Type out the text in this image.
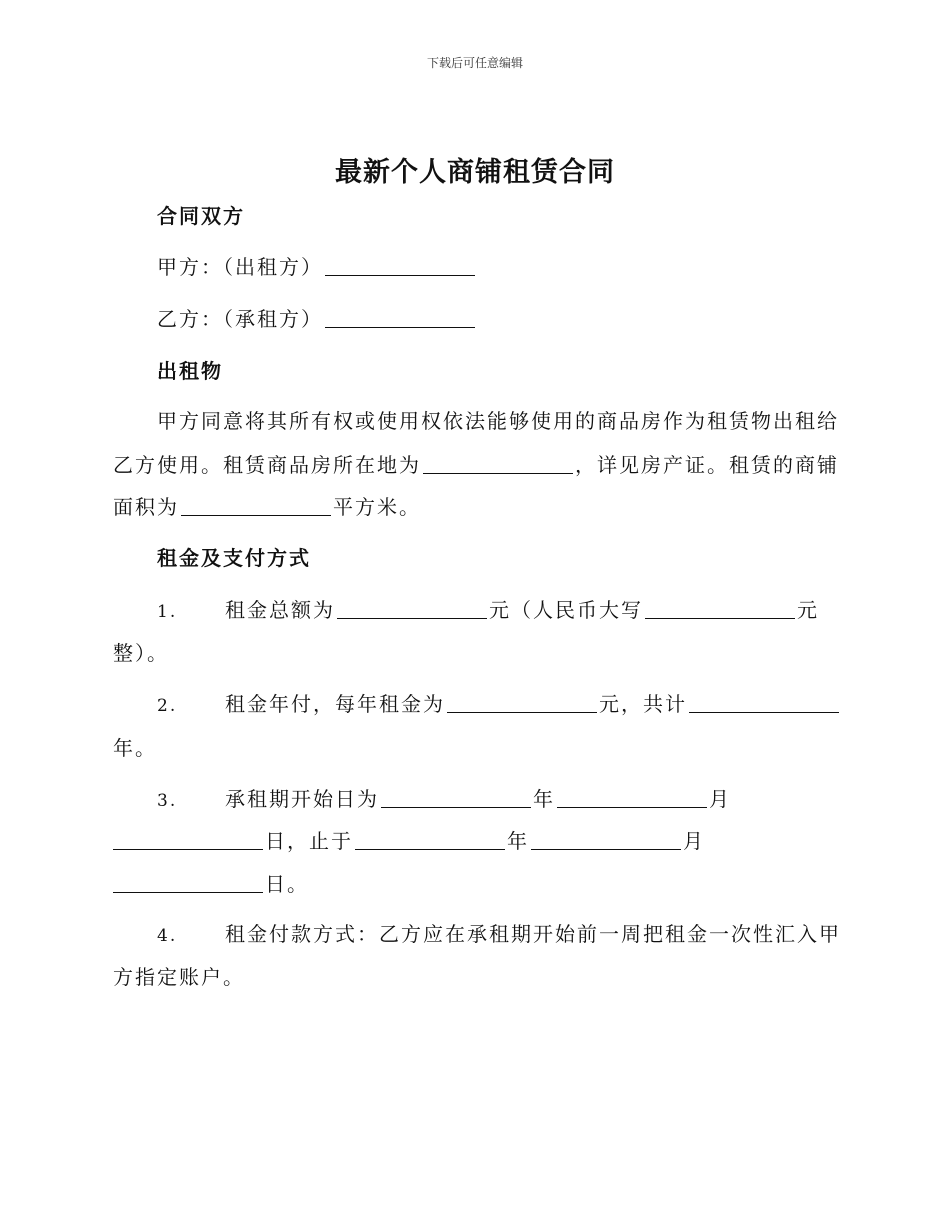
下载后可任意编辑
最新个人商铺租赁合同
合同双方
甲方：（出租方）
乙方：（承租方）
出租物
甲方同意将其所有权或使用权依法能够使用的商品房作为租赁物出租给
乙方使用。租赁商品房所在地为	，详见房产证。租赁的商铺
面积为	平方米。
租金及支付方式
1. 租金总额为	元（人民币大写	元
整）。
2. 租金年付，每年租金为	元，共计
年。
3. 承租期开始日为	年	月
日，止于	年	月
日。
4. 租金付款方式：乙方应在承租期开始前一周把租金一次性汇入甲
方指定账户。
